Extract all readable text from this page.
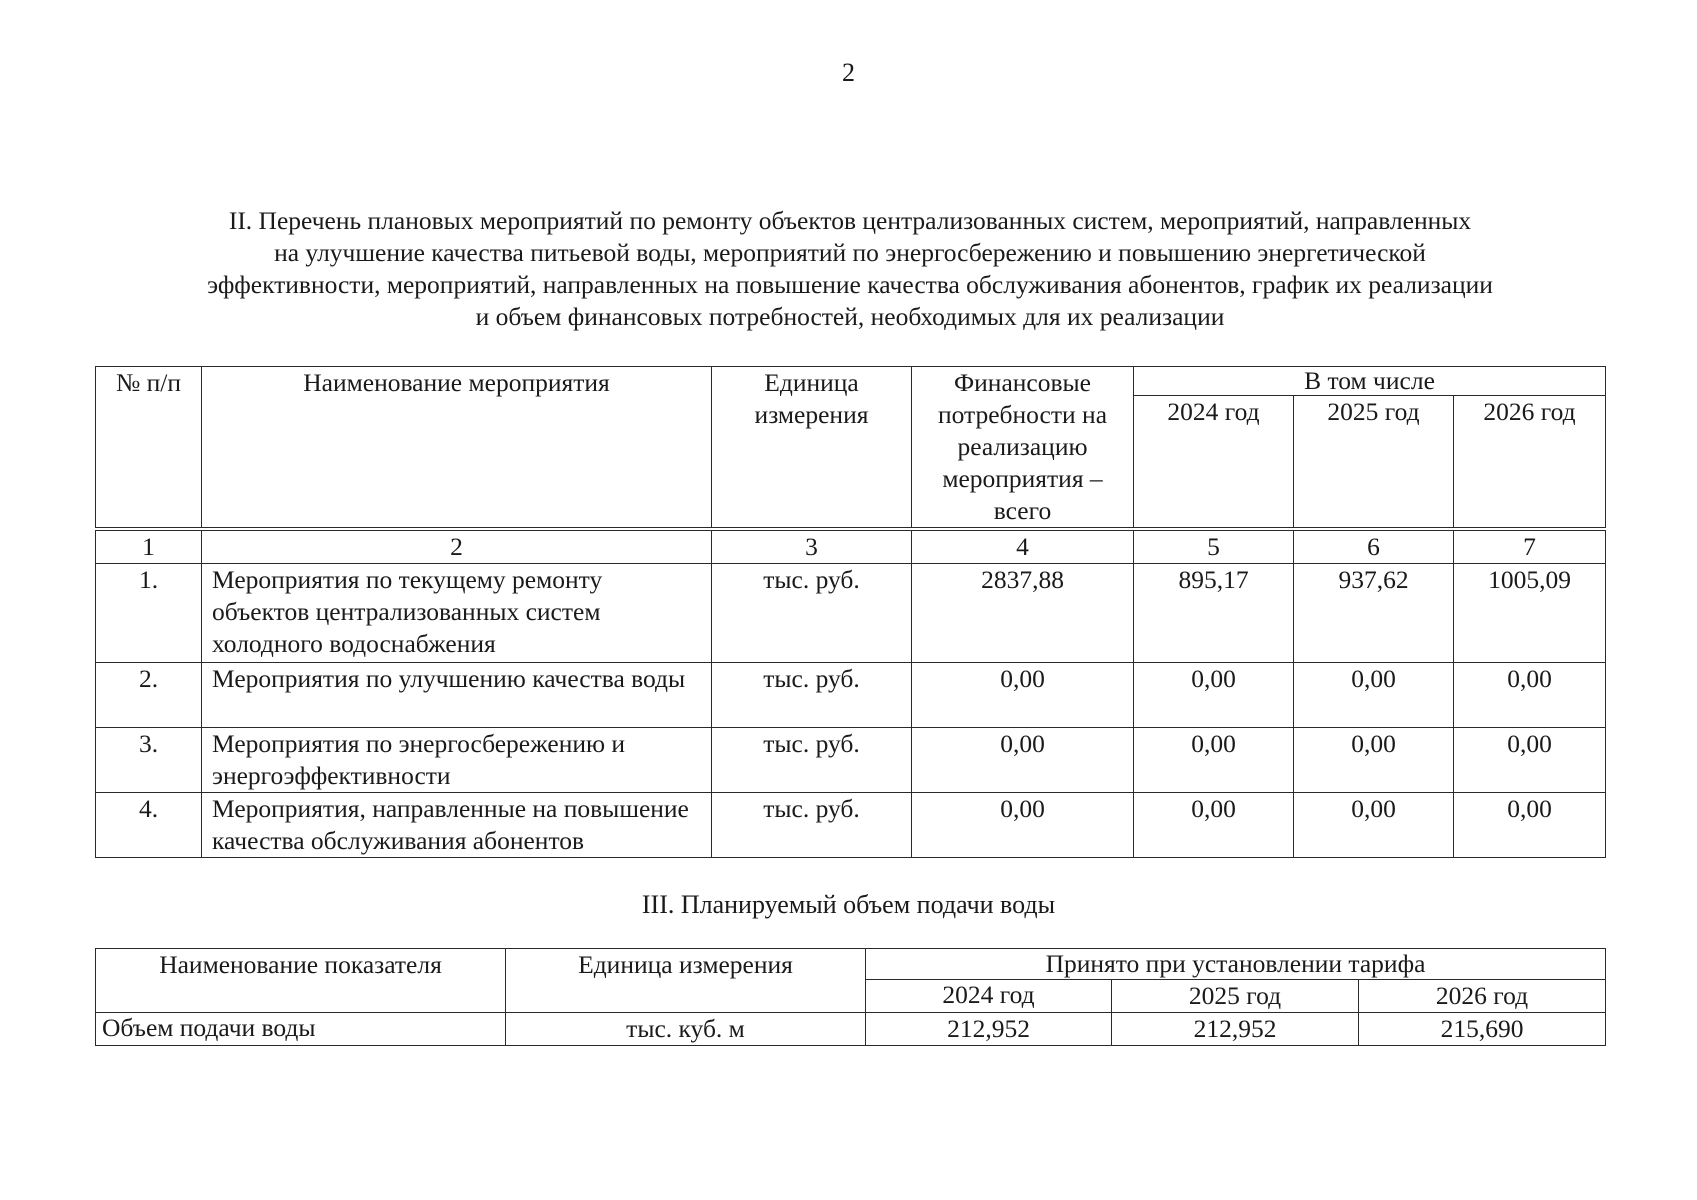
2
II. Перечень плановых мероприятий по ремонту объектов централизованных систем, мероприятий, направленных
на улучшение качества питьевой воды, мероприятий по энергосбережению и повышению энергетической
эффективности, мероприятий, направленных на повышение качества обслуживания абонентов, график их реализации
и объем финансовых потребностей, необходимых для их реализации
№ п/п	Наименование мероприятия	Единица измерения	Финансовые потребности на реализацию мероприятия – всего	В том числе		
				2024 год	2025 год	2026 год
1	2	3	4	5	6	7
1.	Мероприятия по текущему ремонту объектов централизованных систем холодного водоснабжения	тыс. руб.	2837,88	895,17	937,62	1005,09
2.	Мероприятия по улучшению качества воды	тыс. руб.	0,00	0,00	0,00	0,00
3.	Мероприятия по энергосбережению и энергоэффективности	тыс. руб.	0,00	0,00	0,00	0,00
4.	Мероприятия, направленные на повышение качества обслуживания абонентов	тыс. руб.	0,00	0,00	0,00	0,00
III. Планируемый объем подачи воды
Наименование показателя	Единица измерения	Принято при установлении тарифа		
		2024 год	2025 год	2026 год
Объем подачи воды	тыс. куб. м	212,952	212,952	215,690
